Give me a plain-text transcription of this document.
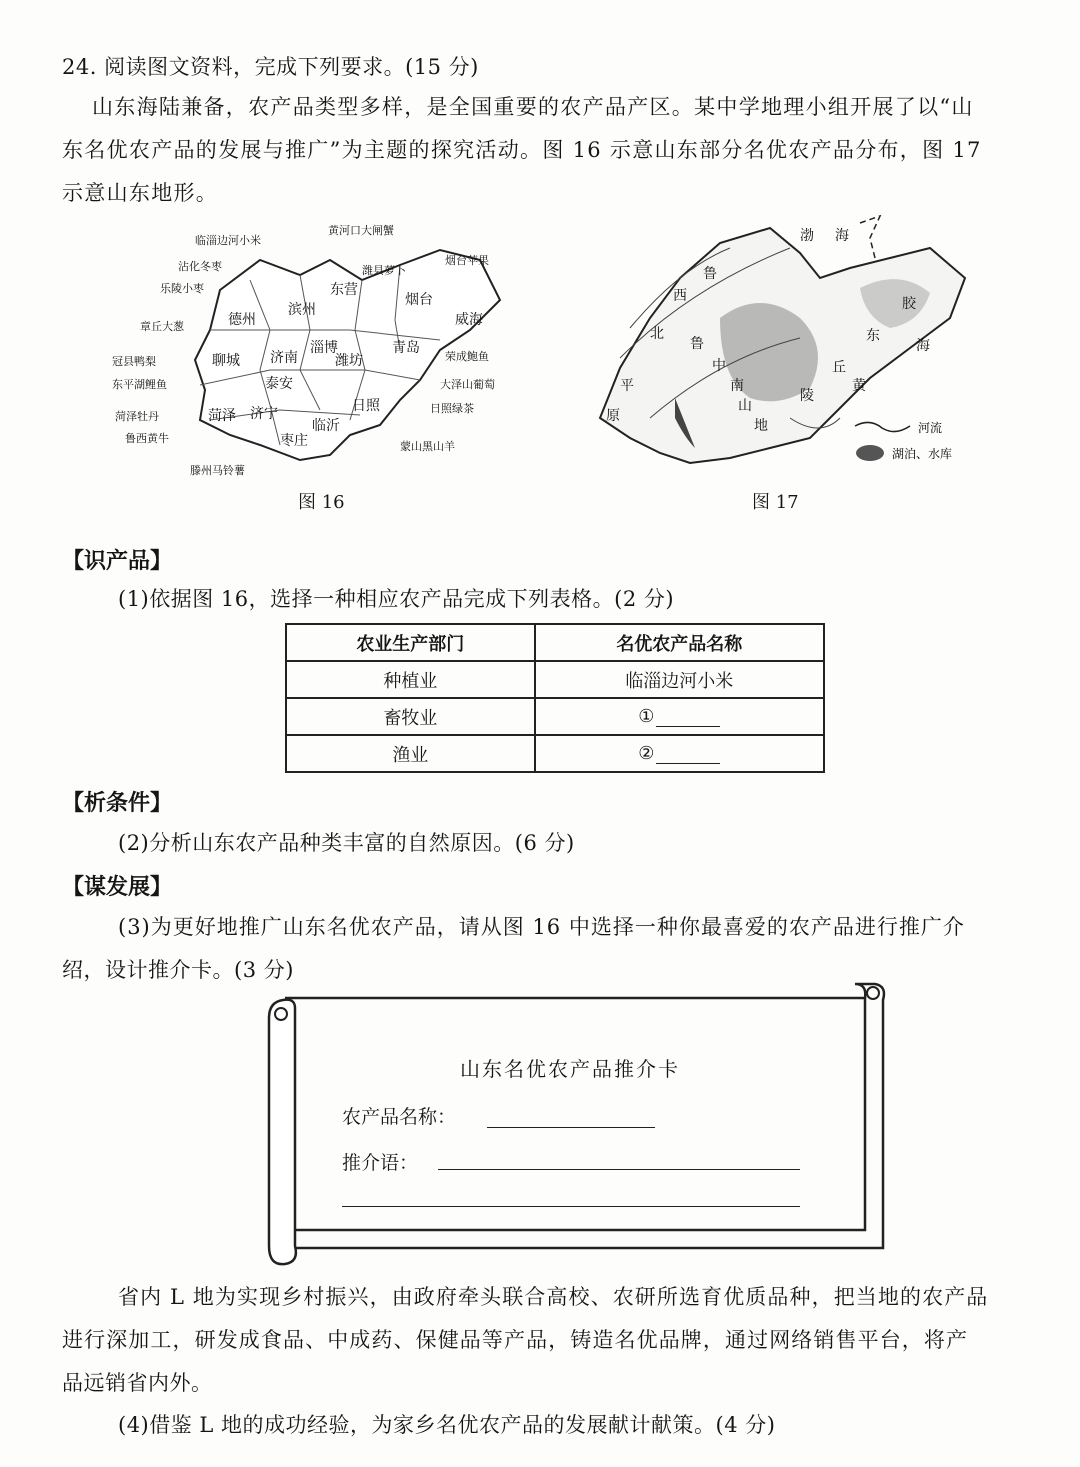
24. 阅读图文资料，完成下列要求。(15 分)
山东海陆兼备，农产品类型多样，是全国重要的农产品产区。某中学地理小组开展了以“山
东名优农产品的发展与推广”为主题的探究活动。图 16 示意山东部分名优农产品分布，图 17
示意山东地形。
德州
滨州
东营
烟台
威海
聊城 济南
淄博
潍坊
青岛
泰安
菏泽 济宁
临沂
日照
枣庄
临淄边河小米
黄河口大闸蟹
沾化冬枣	烟台苹果
乐陵小枣
潍县萝卜
章丘大葱
冠县鸭梨	荣成鲍鱼
东平湖鲤鱼	大泽山葡萄
菏泽牡丹
日照绿茶
鲁西黄牛
蒙山黑山羊
滕州马铃薯
图 16
渤 海
鲁
西
北
平
原
鲁
中
南
山
地
胶
东
丘
陵
黄
海
河流
湖泊、水库
图 17
【识产品】
(1)依据图 16，选择一种相应农产品完成下列表格。(2 分)
农业生产部门	名优农产品名称
种植业	临淄边河小米
畜牧业	①
渔业	②
【析条件】
(2)分析山东农产品种类丰富的自然原因。(6 分)
【谋发展】
(3)为更好地推广山东名优农产品，请从图 16 中选择一种你最喜爱的农产品进行推广介
绍，设计推介卡。(3 分)
山东名优农产品推介卡
农产品名称：
推介语：
省内 L 地为实现乡村振兴，由政府牵头联合高校、农研所选育优质品种，把当地的农产品
进行深加工，研发成食品、中成药、保健品等产品，铸造名优品牌，通过网络销售平台，将产
品远销省内外。
(4)借鉴 L 地的成功经验，为家乡名优农产品的发展献计献策。(4 分)
